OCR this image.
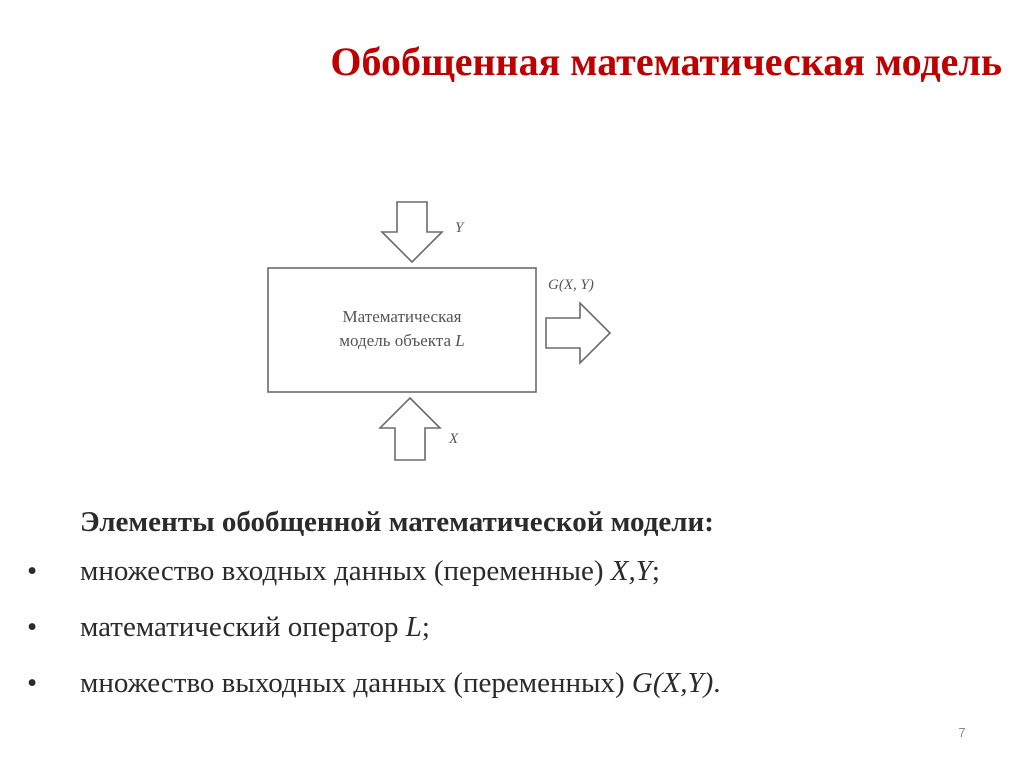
Обобщенная математическая модель
Математическая
модель объекта L
Y
X
G(X, Y)
Элементы обобщенной математической модели:
• множество входных данных (переменные) X,Y;
• математический оператор L;
• множество выходных данных (переменных) G(X,Y).
7
